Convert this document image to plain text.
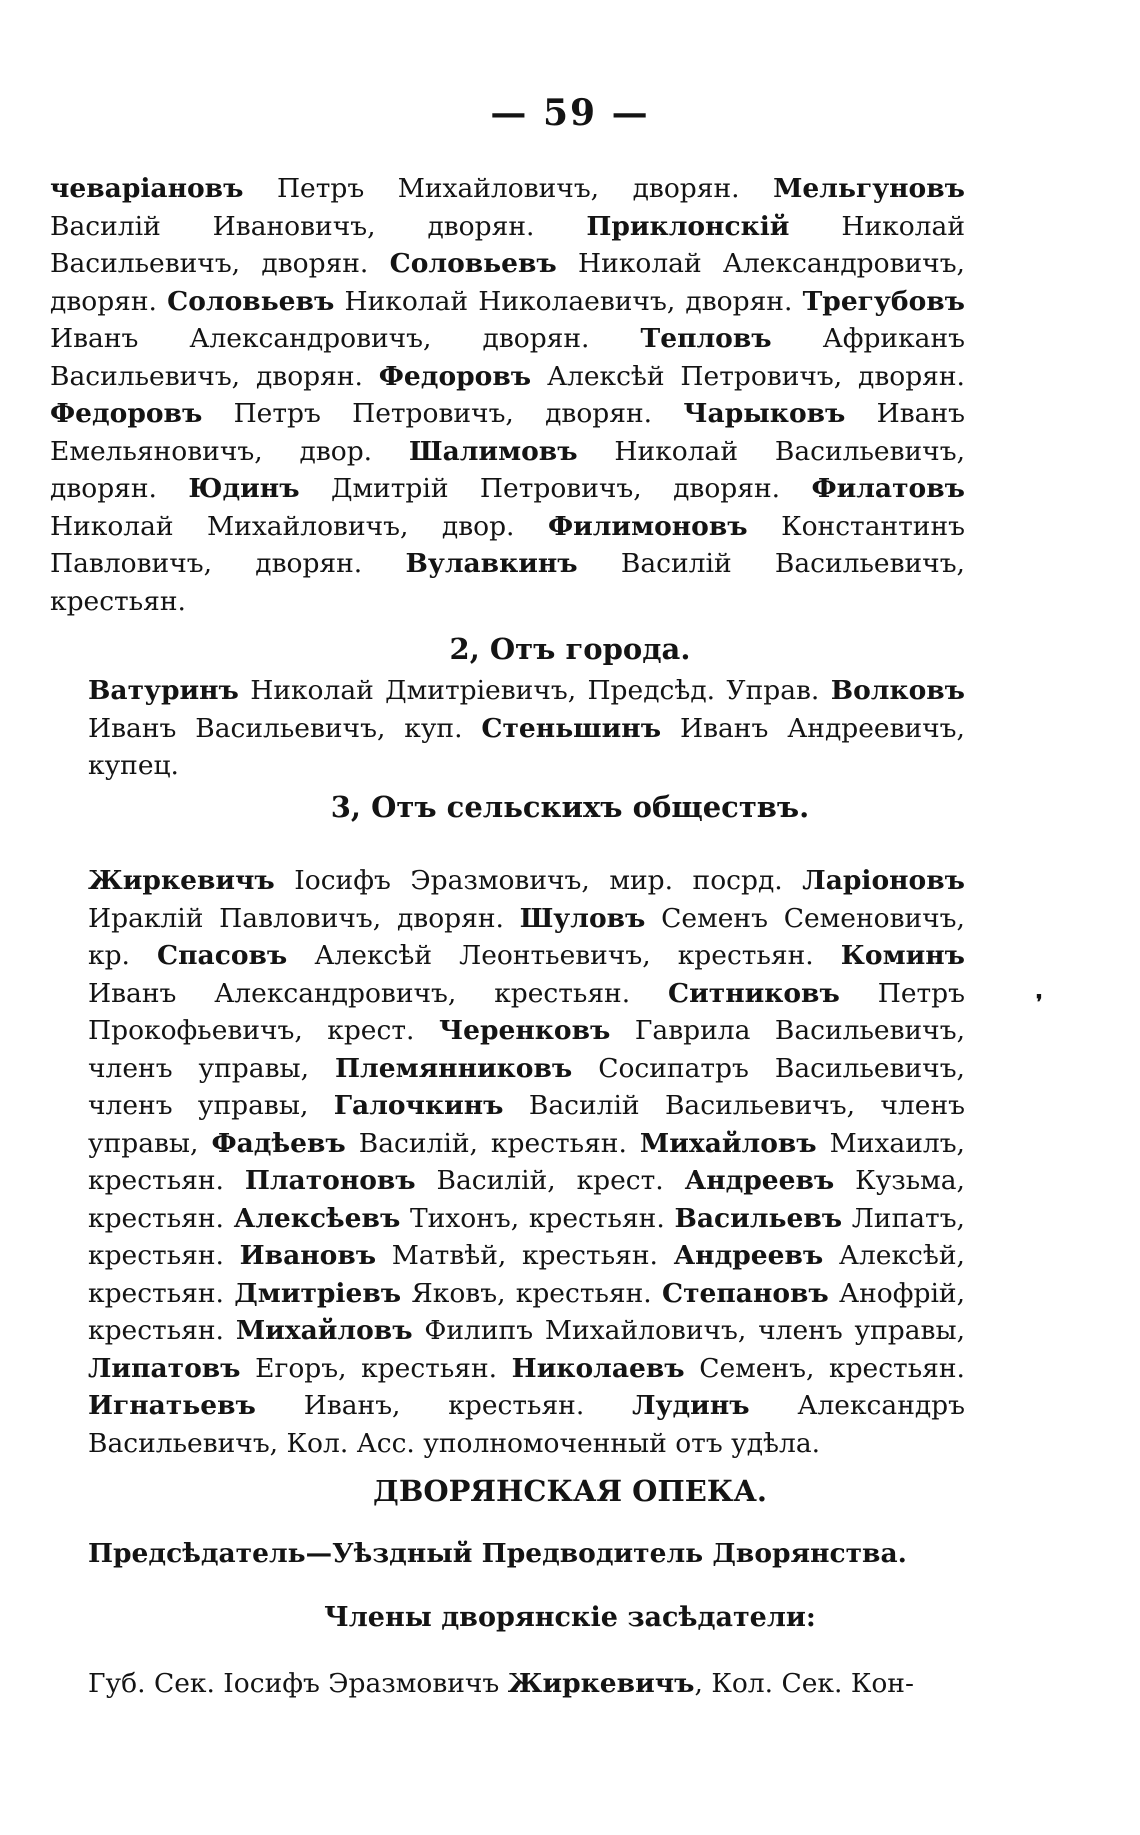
— 59 —
чеваріановъ Петръ Михайловичъ, дворян. Мельгуновъ Василій Ивановичъ, дворян. Приклонскій Николай Васильевичъ, дворян. Соловьевъ Николай Александровичъ, дворян. Соловьевъ Николай Николаевичъ, дворян. Трегубовъ Иванъ Александровичъ, дворян. Тепловъ Африканъ Васильевичъ, дворян. Федоровъ Алексѣй Петровичъ, дворян. Федоровъ Петръ Петровичъ, дворян. Чарыковъ Иванъ Емельяновичъ, двор. Шалимовъ Николай Васильевичъ, дворян. Юдинъ Дмитрій Петровичъ, дворян. Филатовъ Николай Михайловичъ, двор. Филимоновъ Константинъ Павловичъ, дворян. Вулавкинъ Василій Васильевичъ, крестьян.
2, Отъ города.
Ватуринъ Николай Дмитріевичъ, Предсѣд. Управ. Волковъ Иванъ Васильевичъ, куп. Стеньшинъ Иванъ Андреевичъ, купец.
3, Отъ сельскихъ обществъ.
Жиркевичъ Іосифъ Эразмовичъ, мир. посрд. Ларіоновъ Ираклій Павловичъ, дворян. Шуловъ Семенъ Семеновичъ, кр. Спасовъ Алексѣй Леонтьевичъ, крестьян. Коминъ Иванъ Александровичъ, крестьян. Ситниковъ Петръ Прокофьевичъ, крест. Черенковъ Гаврила Васильевичъ, членъ управы, Племянниковъ Сосипатръ Васильевичъ, членъ управы, Галочкинъ Василій Васильевичъ, членъ управы, Фадѣевъ Василій, крестьян. Михайловъ Михаилъ, крестьян. Платоновъ Василій, крест. Андреевъ Кузьма, крестьян. Алексѣевъ Тихонъ, крестьян. Васильевъ Липатъ, крестьян. Ивановъ Матвѣй, крестьян. Андреевъ Алексѣй, крестьян. Дмитріевъ Яковъ, крестьян. Степановъ Анофрій, крестьян. Михайловъ Филипъ Михайловичъ, членъ управы, Липатовъ Егоръ, крестьян. Николаевъ Семенъ, крестьян. Игнатьевъ Иванъ, крестьян. Лудинъ Александръ Васильевичъ, Кол. Асс. уполномоченный отъ удѣла.
ДВОРЯНСКАЯ ОПЕКА.
Предсѣдатель—Уѣздный Предводитель Дворянства.
Члены дворянскіе засѣдатели:
Губ. Сек. Іосифъ Эразмовичъ Жиркевичъ, Кол. Сек. Кон-
❜
